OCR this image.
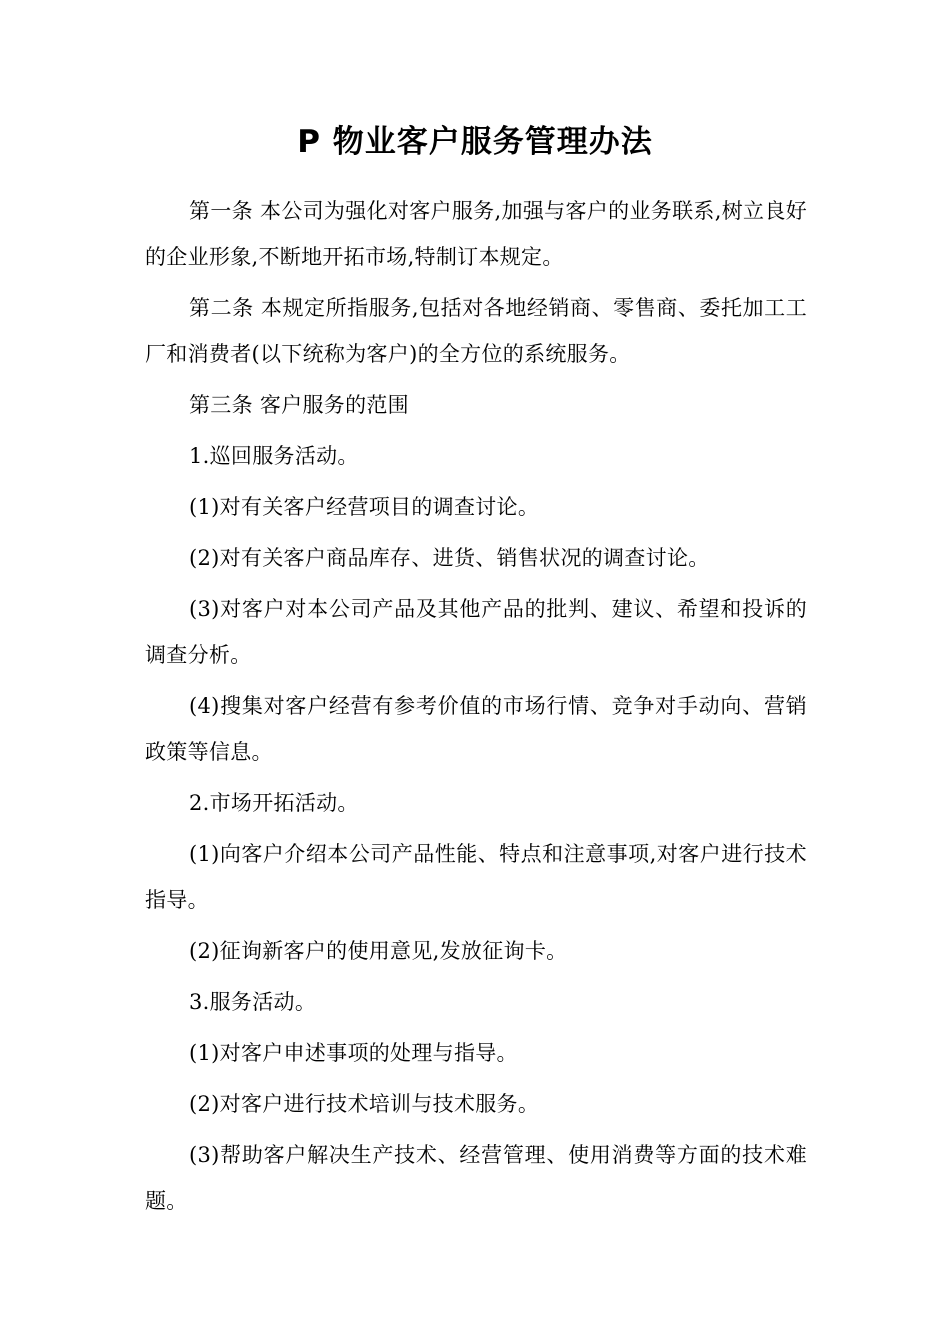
P 物业客户服务管理办法

第一条 本公司为强化对客户服务,加强与客户的业务联系,树立良好的企业形象,不断地开拓市场,特制订本规定。

第二条 本规定所指服务,包括对各地经销商、零售商、委托加工工厂和消费者(以下统称为客户)的全方位的系统服务。

第三条 客户服务的范围

1.巡回服务活动。

(1)对有关客户经营项目的调查讨论。

(2)对有关客户商品库存、进货、销售状况的调查讨论。

(3)对客户对本公司产品及其他产品的批判、建议、希望和投诉的调查分析。

(4)搜集对客户经营有参考价值的市场行情、竞争对手动向、营销政策等信息。

2.市场开拓活动。

(1)向客户介绍本公司产品性能、特点和注意事项,对客户进行技术指导。

(2)征询新客户的使用意见,发放征询卡。

3.服务活动。

(1)对客户申述事项的处理与指导。

(2)对客户进行技术培训与技术服务。

(3)帮助客户解决生产技术、经营管理、使用消费等方面的技术难题。
